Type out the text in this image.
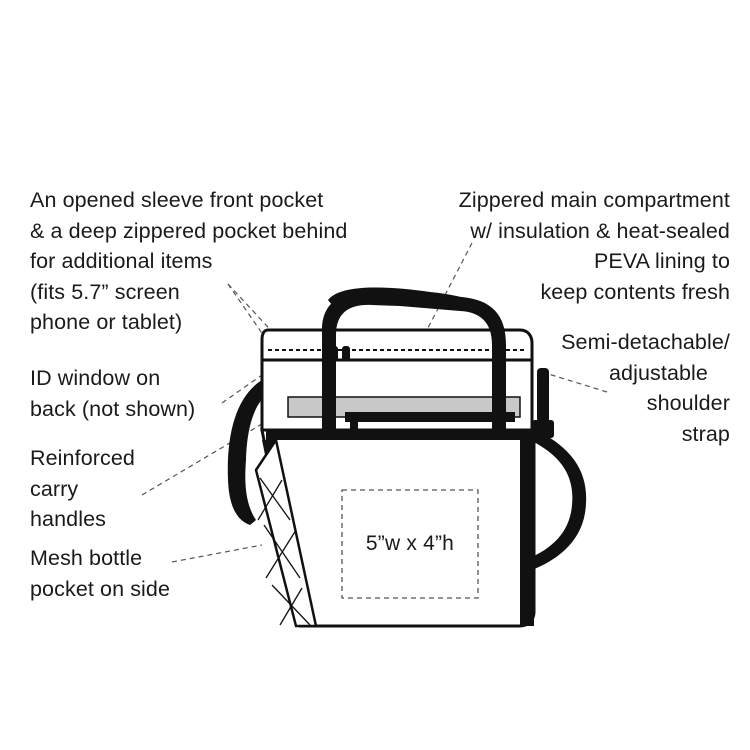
5”w x 4”h
An opened sleeve front pocket
& a deep zippered pocket behind
for additional items
(fits 5.7” screen
phone or tablet)
Zippered main compartment
w/ insulation & heat-sealed
PEVA lining to
keep contents fresh
ID window on
back (not shown)
Semi-detachable/
adjustable
shoulder
strap
Reinforced
carry
handles
Mesh bottle
pocket on side
